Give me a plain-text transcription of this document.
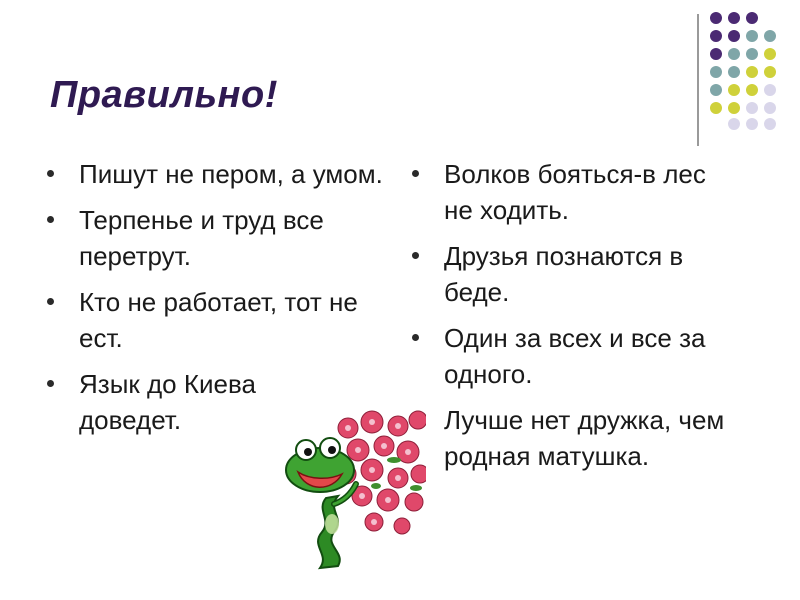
Правильно!
Пишут не пером, а умом.
Терпенье и труд все перетрут.
Кто не работает, тот не ест.
Язык до Киева доведет.
Волков бояться-в лес не ходить.
Друзья познаются в беде.
Один за всех и все за одного.
Лучше нет дружка, чем родная матушка.
